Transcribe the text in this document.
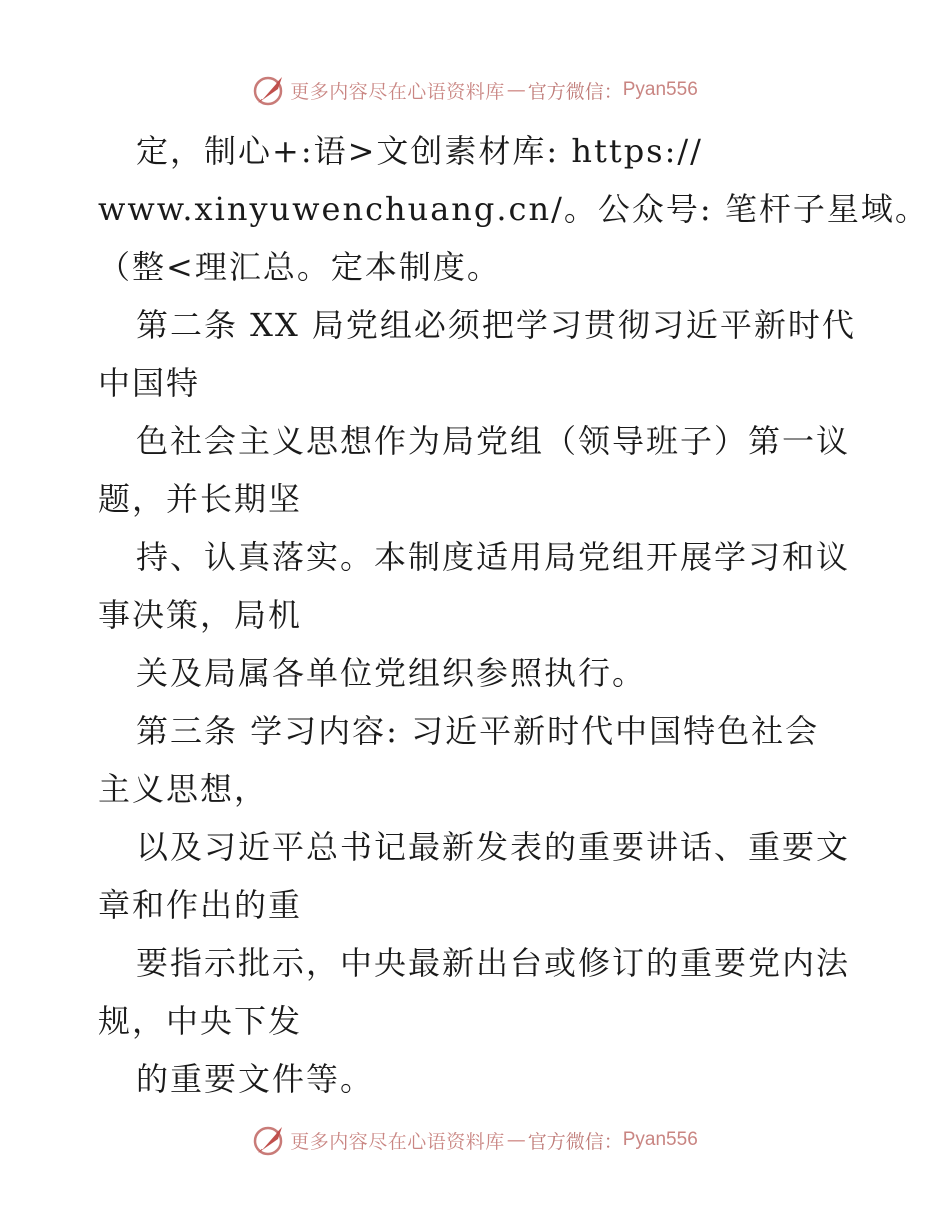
更多内容尽在心语资料库 — 官方微信： Pyan556
定，制心+:语>文创素材库: https://
www.xinyuwenchuang.cn/。公众号: 笔杆子星域。
（整<理汇总。定本制度。
第二条 XX 局党组必须把学习贯彻习近平新时代
中国特
色社会主义思想作为局党组（领导班子）第一议
题，并长期坚
持、认真落实。本制度适用局党组开展学习和议
事决策，局机
关及局属各单位党组织参照执行。
第三条 学习内容: 习近平新时代中国特色社会
主义思想，
以及习近平总书记最新发表的重要讲话、重要文
章和作出的重
要指示批示，中央最新出台或修订的重要党内法
规，中央下发
的重要文件等。
更多内容尽在心语资料库 — 官方微信： Pyan556
